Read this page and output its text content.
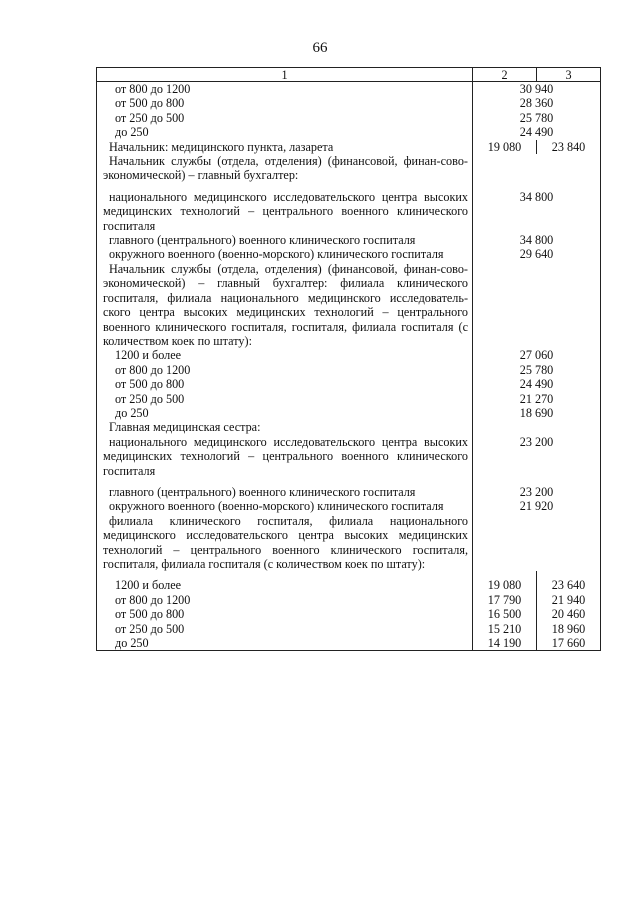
66
1	2	3

от 800 до 1200	30 940	

от 500 до 800	28 360	

от 250 до 500	25 780	

до 250	24 490	

Начальник: медицинского пункта, лазарета	19 080	23 840

Начальник службы (отдела, отделения) (финансовой, финан-совο-экономической) – главный бухгалтер:		

национального медицинского исследовательского центра высоких медицинских технологий – центрального военного клинического госпиталя	34 800	

главного (центрального) военного клинического госпиталя	34 800	

окружного военного (военно-морского) клинического госпиталя	29 640	

Начальник службы (отдела, отделения) (финансовой, финан-сово-экономической) – главный бухгалтер: филиала клинического госпиталя, филиала национального медицинского исследователь-ского центра высоких медицинских технологий – центрального военного клинического госпиталя, госпиталя, филиала госпиталя (с количеством коек по штату):		

1200 и более	27 060	

от 800 до 1200	25 780	

от 500 до 800	24 490	

от 250 до 500	21 270	

до 250	18 690	

Главная медицинская сестра:		

национального медицинского исследовательского центра высоких медицинских технологий – центрального военного клинического госпиталя	23 200	

главного (центрального) военного клинического госпиталя	23 200	

окружного военного (военно-морского) клинического госпиталя	21 920	

филиала клинического госпиталя, филиала национального медицинского исследовательского центра высоких медицинских технологий – центрального военного клинического госпиталя, госпиталя, филиала госпиталя (с количеством коек по штату):		

1200 и более	19 080	23 640

от 800 до 1200	17 790	21 940

от 500 до 800	16 500	20 460

от 250 до 500	15 210	18 960

до 250	14 190	17 660
